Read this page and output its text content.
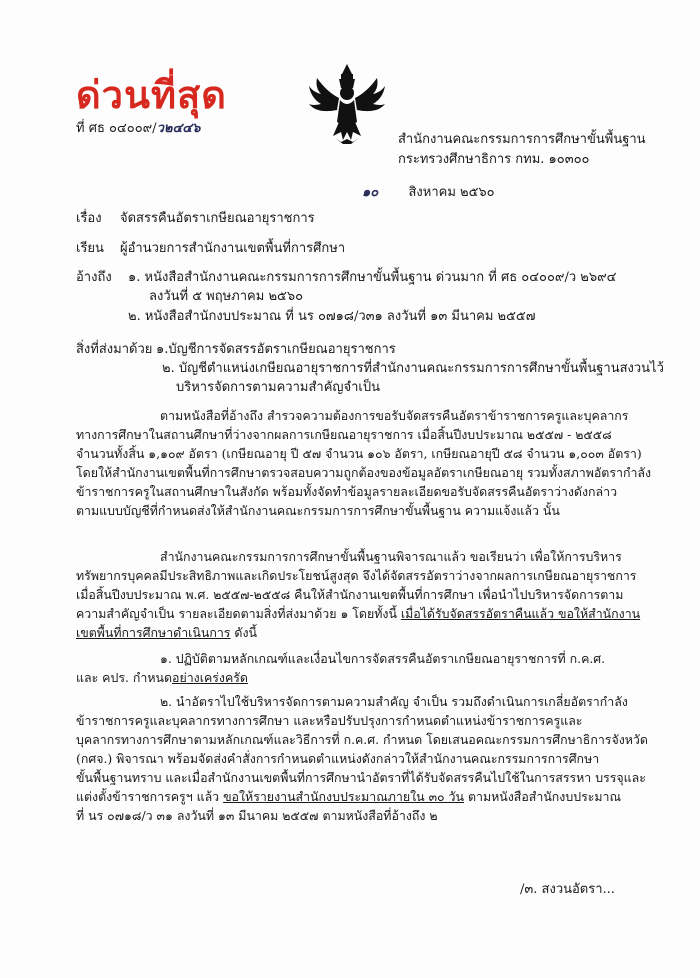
ด่วนที่สุด
ที่ ศธ ๐๔๐๐๙/ว๒๔๔๖
สำนักงานคณะกรรมการการศึกษาขั้นพื้นฐาน
กระทรวงศึกษาธิการ กทม. ๑๐๓๐๐
๑๐ สิงหาคม ๒๕๖๐
เรื่อง จัดสรรคืนอัตราเกษียณอายุราชการ
เรียน ผู้อำนวยการสำนักงานเขตพื้นที่การศึกษา
อ้างถึง ๑. หนังสือสำนักงานคณะกรรมการการศึกษาขั้นพื้นฐาน ด่วนมาก ที่ ศธ ๐๔๐๐๙/ว ๒๖๙๔
ลงวันที่ ๕ พฤษภาคม ๒๕๖๐
๒. หนังสือสำนักงบประมาณ ที่ นร ๐๗๑๘/ว๓๑ ลงวันที่ ๑๓ มีนาคม ๒๕๕๗
สิ่งที่ส่งมาด้วย ๑.บัญชีการจัดสรรอัตราเกษียณอายุราชการ
๒. บัญชีตำแหน่งเกษียณอายุราชการที่สำนักงานคณะกรรมการการศึกษาขั้นพื้นฐานสงวนไว้
บริหารจัดการตามความสำคัญจำเป็น
ตามหนังสือที่อ้างถึง สำรวจความต้องการขอรับจัดสรรคืนอัตราข้าราชการครูและบุคลากร
ทางการศึกษาในสถานศึกษาที่ว่างจากผลการเกษียณอายุราชการ เมื่อสิ้นปีงบประมาณ ๒๕๕๗ - ๒๕๕๘
จำนวนทั้งสิ้น ๑,๑๐๙ อัตรา (เกษียณอายุ ปี ๕๗ จำนวน ๑๐๖ อัตรา, เกษียณอายุปี ๕๘ จำนวน ๑,๐๐๓ อัตรา)
โดยให้สำนักงานเขตพื้นที่การศึกษาตรวจสอบความถูกต้องของข้อมูลอัตราเกษียณอายุ รวมทั้งสภาพอัตรากำลัง
ข้าราชการครูในสถานศึกษาในสังกัด พร้อมทั้งจัดทำข้อมูลรายละเอียดขอรับจัดสรรคืนอัตราว่างดังกล่าว
ตามแบบบัญชีที่กำหนดส่งให้สำนักงานคณะกรรมการการศึกษาขั้นพื้นฐาน ความแจ้งแล้ว นั้น
สำนักงานคณะกรรมการการศึกษาขั้นพื้นฐานพิจารณาแล้ว ขอเรียนว่า เพื่อให้การบริหาร
ทรัพยากรบุคคลมีประสิทธิภาพและเกิดประโยชน์สูงสุด จึงได้จัดสรรอัตราว่างจากผลการเกษียณอายุราชการ
เมื่อสิ้นปีงบประมาณ พ.ศ. ๒๕๕๗-๒๕๕๘ คืนให้สำนักงานเขตพื้นที่การศึกษา เพื่อนำไปบริหารจัดการตาม
ความสำคัญจำเป็น รายละเอียดตามสิ่งที่ส่งมาด้วย ๑ โดยทั้งนี้ เมื่อได้รับจัดสรรอัตราคืนแล้ว ขอให้สำนักงาน
เขตพื้นที่การศึกษาดำเนินการ ดังนี้
๑. ปฏิบัติตามหลักเกณฑ์และเงื่อนไขการจัดสรรคืนอัตราเกษียณอายุราชการที่ ก.ค.ศ.
และ คปร. กำหนดอย่างเคร่งครัด
๒. นำอัตราไปใช้บริหารจัดการตามความสำคัญ จำเป็น รวมถึงดำเนินการเกลี่ยอัตรากำลัง
ข้าราชการครูและบุคลากรทางการศึกษา และหรือปรับปรุงการกำหนดตำแหน่งข้าราชการครูและ
บุคลากรทางการศึกษาตามหลักเกณฑ์และวิธีการที่ ก.ค.ศ. กำหนด โดยเสนอคณะกรรมการศึกษาธิการจังหวัด
(กศจ.) พิจารณา พร้อมจัดส่งคำสั่งการกำหนดตำแหน่งดังกล่าวให้สำนักงานคณะกรรมการการศึกษา
ขั้นพื้นฐานทราบ และเมื่อสำนักงานเขตพื้นที่การศึกษานำอัตราที่ได้รับจัดสรรคืนไปใช้ในการสรรหา บรรจุและ
แต่งตั้งข้าราชการครูฯ แล้ว ขอให้รายงานสำนักงบประมาณภายใน ๓๐ วัน ตามหนังสือสำนักงบประมาณ
ที่ นร ๐๗๑๘/ว ๓๑ ลงวันที่ ๑๓ มีนาคม ๒๕๕๗ ตามหนังสือที่อ้างถึง ๒
/๓. สงวนอัตรา...
